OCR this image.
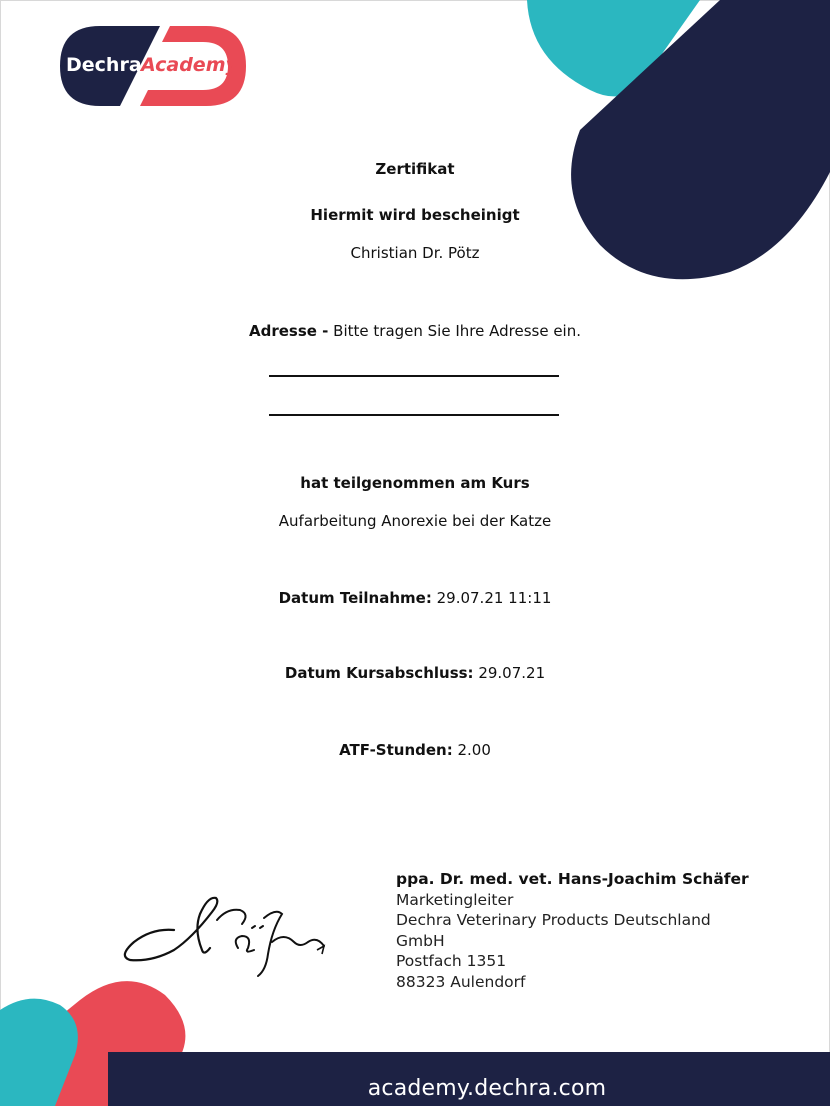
Dechra Academy
Zertifikat
Hiermit wird bescheinigt
Christian Dr. Pötz
Adresse - Bitte tragen Sie Ihre Adresse ein.
hat teilgenommen am Kurs
Aufarbeitung Anorexie bei der Katze
Datum Teilnahme: 29.07.21 11:11
Datum Kursabschluss: 29.07.21
ATF-Stunden: 2.00
ppa. Dr. med. vet. Hans-Joachim Schäfer
Marketingleiter
Dechra Veterinary Products Deutschland
GmbH
Postfach 1351
88323 Aulendorf
academy.dechra.com
